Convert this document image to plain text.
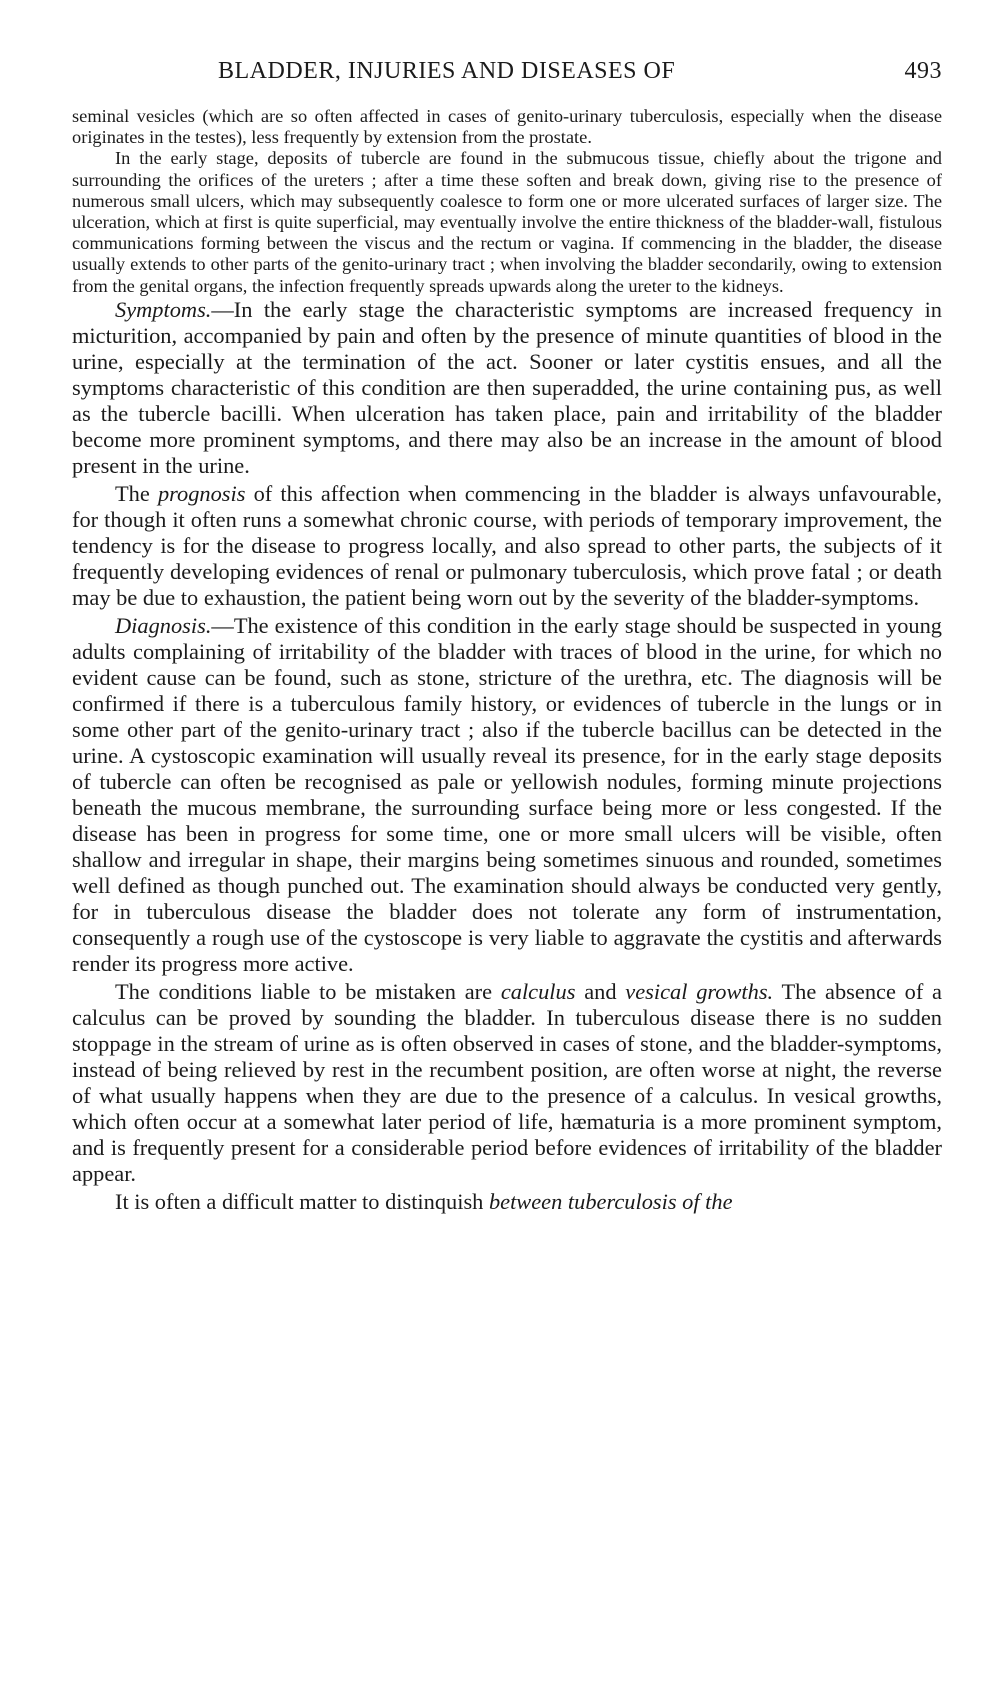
BLADDER, INJURIES AND DISEASES OF	493

seminal vesicles (which are so often affected in cases of genito-urinary tuberculosis, especially when the disease originates in the testes), less frequently by extension from the prostate.

In the early stage, deposits of tubercle are found in the submucous tissue, chiefly about the trigone and surrounding the orifices of the ureters ; after a time these soften and break down, giving rise to the presence of numerous small ulcers, which may subsequently coalesce to form one or more ulcerated surfaces of larger size. The ulceration, which at first is quite superficial, may eventually involve the entire thickness of the bladder-wall, fistulous communications forming between the viscus and the rectum or vagina. If commencing in the bladder, the disease usually extends to other parts of the genito-urinary tract ; when involving the bladder secondarily, owing to extension from the genital organs, the infection frequently spreads upwards along the ureter to the kidneys.

Symptoms.—In the early stage the characteristic symptoms are increased frequency in micturition, accompanied by pain and often by the presence of minute quantities of blood in the urine, especially at the termination of the act. Sooner or later cystitis ensues, and all the symptoms characteristic of this condition are then superadded, the urine containing pus, as well as the tubercle bacilli. When ulceration has taken place, pain and irritability of the bladder become more prominent symptoms, and there may also be an increase in the amount of blood present in the urine.

The prognosis of this affection when commencing in the bladder is always unfavourable, for though it often runs a somewhat chronic course, with periods of temporary improvement, the tendency is for the disease to progress locally, and also spread to other parts, the subjects of it frequently developing evidences of renal or pulmonary tuberculosis, which prove fatal ; or death may be due to exhaustion, the patient being worn out by the severity of the bladder-symptoms.

Diagnosis.—The existence of this condition in the early stage should be suspected in young adults complaining of irritability of the bladder with traces of blood in the urine, for which no evident cause can be found, such as stone, stricture of the urethra, etc. The diagnosis will be confirmed if there is a tuberculous family history, or evidences of tubercle in the lungs or in some other part of the genito-urinary tract ; also if the tubercle bacillus can be detected in the urine. A cystoscopic examination will usually reveal its presence, for in the early stage deposits of tubercle can often be recognised as pale or yellowish nodules, forming minute projections beneath the mucous membrane, the surrounding surface being more or less congested. If the disease has been in progress for some time, one or more small ulcers will be visible, often shallow and irregular in shape, their margins being sometimes sinuous and rounded, sometimes well defined as though punched out. The examination should always be conducted very gently, for in tuberculous disease the bladder does not tolerate any form of instrumentation, consequently a rough use of the cystoscope is very liable to aggravate the cystitis and afterwards render its progress more active.

The conditions liable to be mistaken are calculus and vesical growths. The absence of a calculus can be proved by sounding the bladder. In tuberculous disease there is no sudden stoppage in the stream of urine as is often observed in cases of stone, and the bladder-symptoms, instead of being relieved by rest in the recumbent position, are often worse at night, the reverse of what usually happens when they are due to the presence of a calculus. In vesical growths, which often occur at a somewhat later period of life, hæmaturia is a more prominent symptom, and is frequently present for a considerable period before evidences of irritability of the bladder appear.

It is often a difficult matter to distinquish between tuberculosis of the
